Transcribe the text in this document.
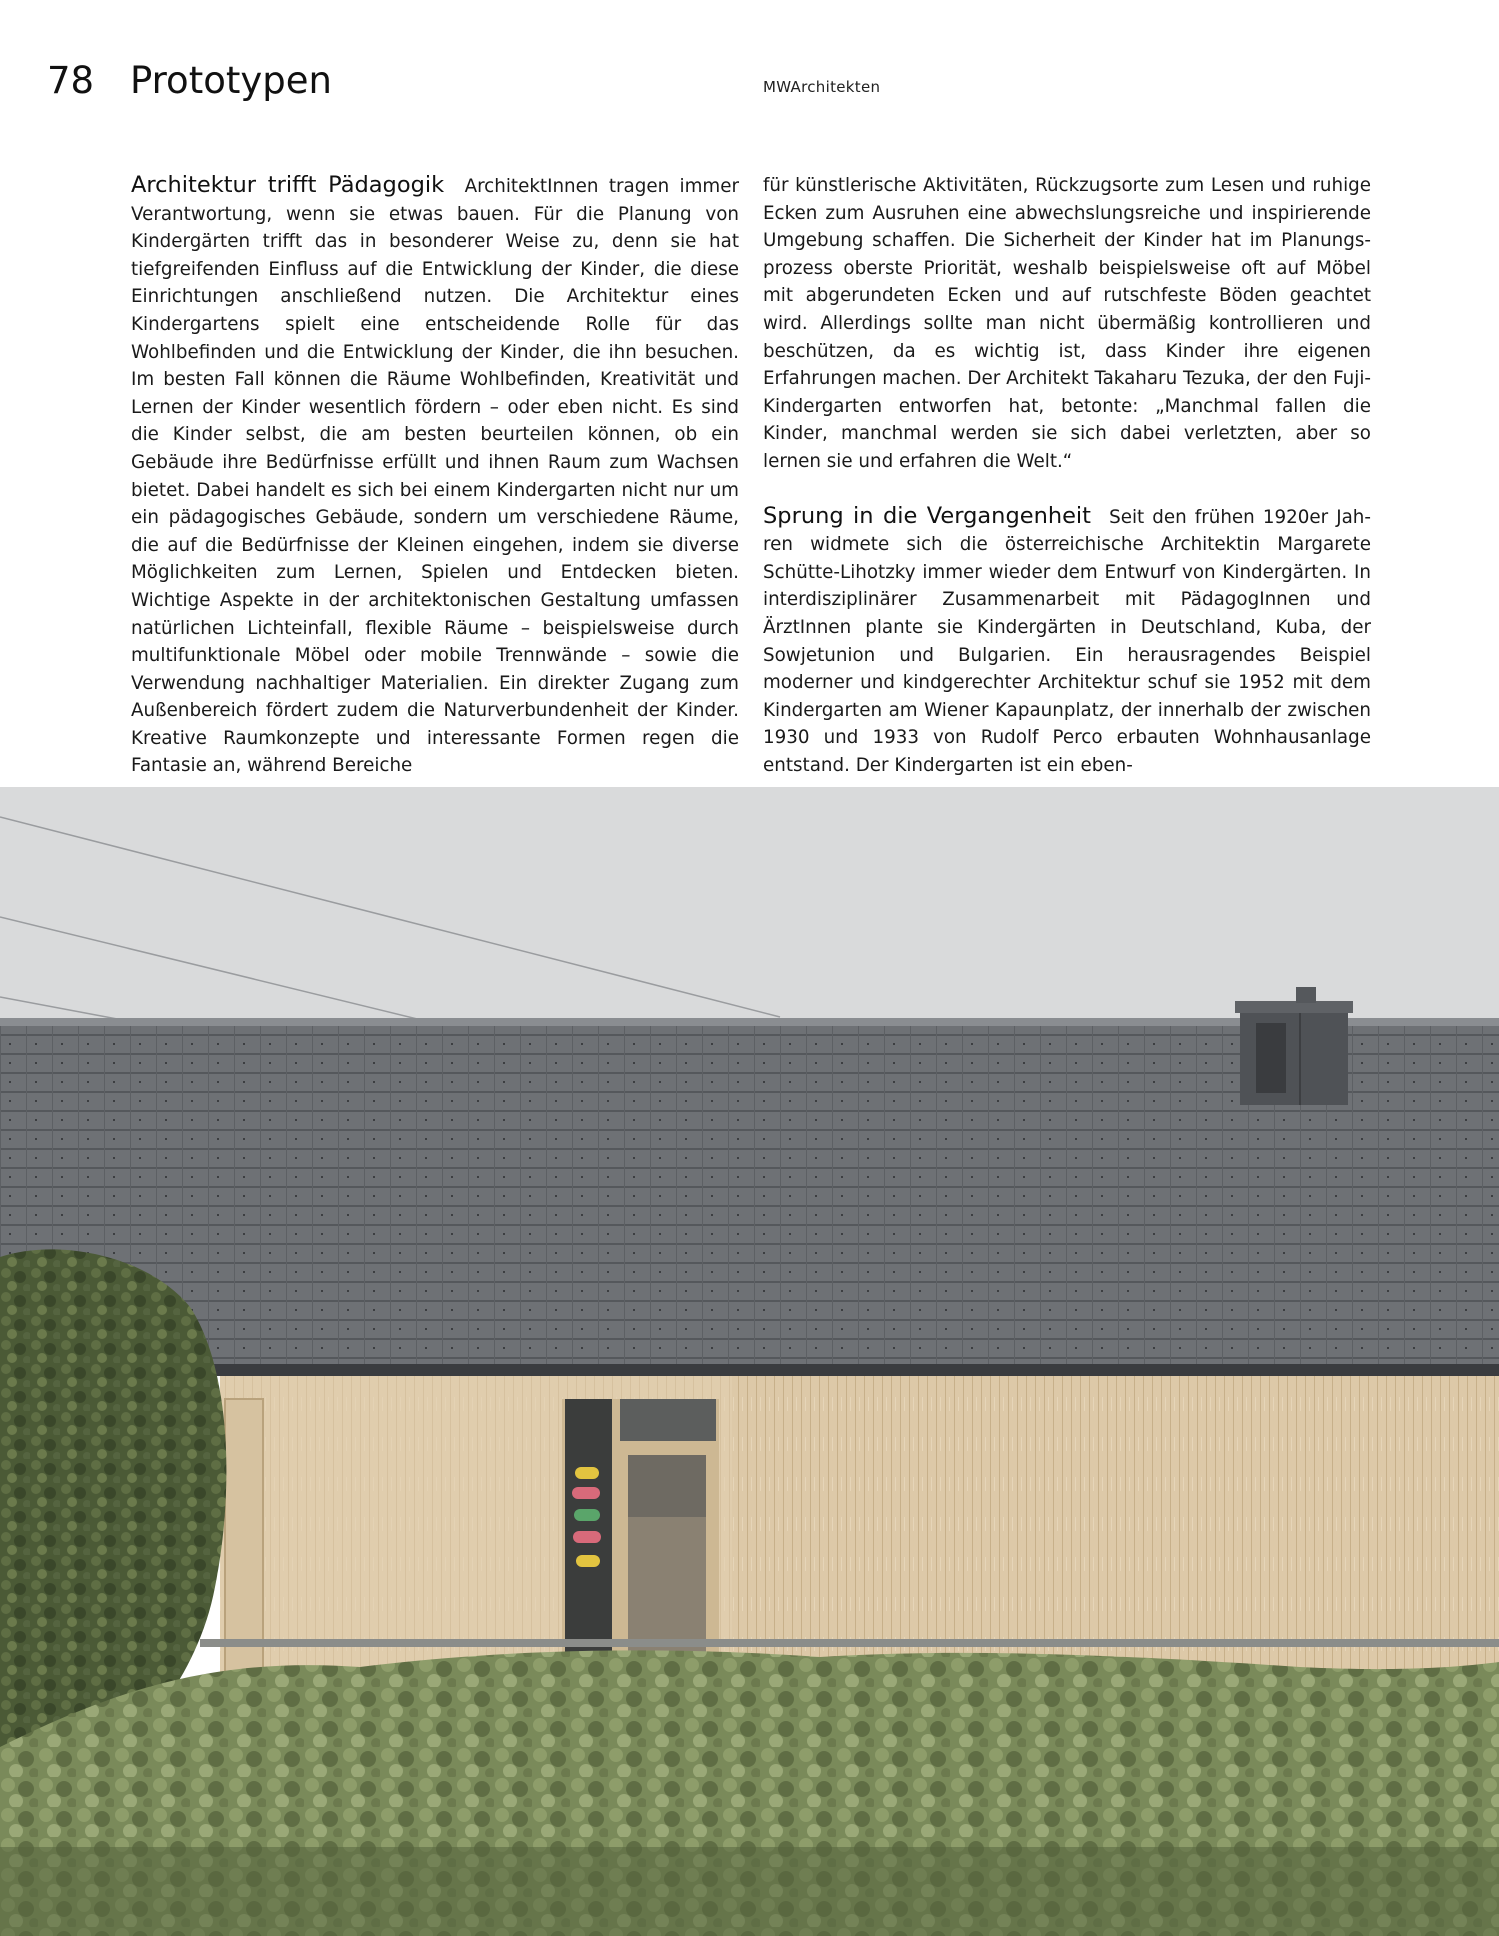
78 Prototypen	MWArchitekten

Architektur trifft Pädagogik ArchitektInnen tragen immer Verantwortung, wenn sie etwas bauen. Für die Planung von Kindergärten trifft das in besonderer Weise zu, denn sie hat tiefgreifenden Einfluss auf die Entwicklung der Kinder, die diese Einrichtungen anschließend nutzen. Die Architektur eines Kindergartens spielt eine entscheidende Rolle für das Wohlbefinden und die Entwicklung der Kinder, die ihn besuchen. Im besten Fall können die Räume Wohlbefinden, Kreativität und Lernen der Kinder wesentlich fördern – oder eben nicht. Es sind die Kinder selbst, die am besten beurteilen können, ob ein Gebäude ihre Bedürfnisse erfüllt und ihnen Raum zum Wachsen bietet. Dabei handelt es sich bei einem Kindergarten nicht nur um ein pädagogisches Gebäude, sondern um verschiedene Räume, die auf die Bedürfnisse der Kleinen eingehen, indem sie diverse Möglichkeiten zum Lernen, Spielen und Entdecken bieten. Wichtige Aspekte in der architektonischen Gestaltung umfassen natürlichen Lichteinfall, flexible Räume – beispielsweise durch multifunktionale Möbel oder mobile Trennwände – sowie die Verwendung nachhaltiger Materialien. Ein direkter Zugang zum Außenbereich fördert zudem die Naturverbundenheit der Kinder. Kreative Raumkonzepte und interessante Formen regen die Fantasie an, während Bereiche

für künstlerische Aktivitäten, Rückzugsorte zum Lesen und ruhige Ecken zum Ausruhen eine abwechslungsreiche und inspirierende Umgebung schaffen. Die Sicherheit der Kinder hat im Planungsprozess oberste Priorität, weshalb beispielsweise oft auf Möbel mit abgerundeten Ecken und auf rutschfeste Böden geachtet wird. Allerdings sollte man nicht übermäßig kontrollieren und beschützen, da es wichtig ist, dass Kinder ihre eigenen Erfahrungen machen. Der Architekt Takaharu Tezuka, der den Fuji-Kindergarten entworfen hat, betonte: „Manchmal fallen die Kinder, manchmal werden sie sich dabei verletzten, aber so lernen sie und erfahren die Welt.“

Sprung in die Vergangenheit Seit den frühen 1920er Jahren widmete sich die österreichische Architektin Margarete Schütte-Lihotzky immer wieder dem Entwurf von Kindergärten. In interdisziplinärer Zusammenarbeit mit PädagogInnen und ÄrztInnen plante sie Kindergärten in Deutschland, Kuba, der Sowjetunion und Bulgarien. Ein herausragendes Beispiel moderner und kindgerechter Architektur schuf sie 1952 mit dem Kindergarten am Wiener Kapaunplatz, der innerhalb der zwischen 1930 und 1933 von Rudolf Perco erbauten Wohnhausanlage entstand. Der Kindergarten ist ein eben-
